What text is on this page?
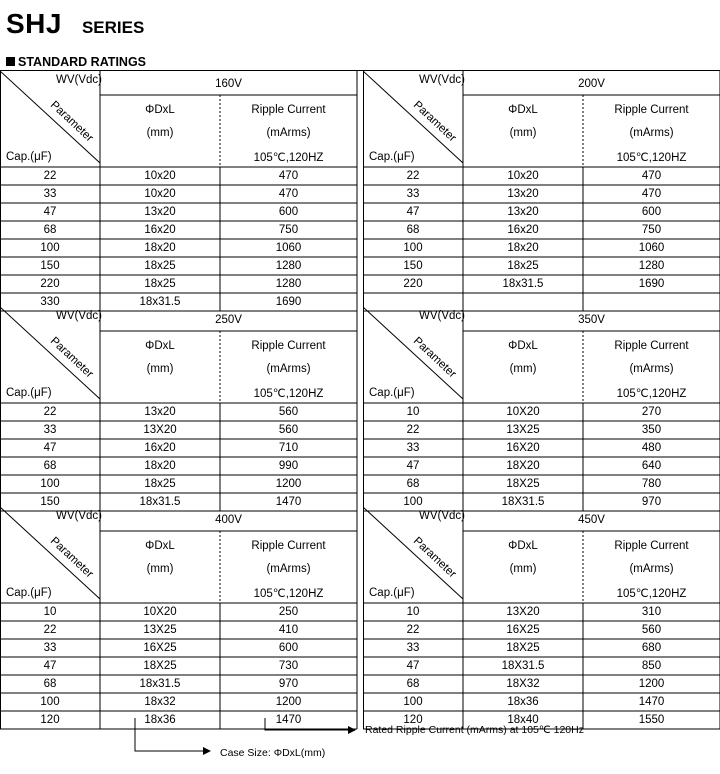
SHJ SERIES
STANDARD RATINGS
WV(Vdc)
Parameter
Cap.(μF)
160V
ΦDxL
(mm)
Ripple Current
(mArms)
105℃,120HZ
22	10x20	470
33	10x20	470
47	13x20	600
68	16x20	750
100	18x20	1060
150	18x25	1280
220	18x25	1280
330	18x31.5	1690
WV(Vdc)
Parameter
Cap.(μF)
200V
ΦDxL
(mm)
Ripple Current
(mArms)
105℃,120HZ
22	10x20	470
33	13x20	470
47	13x20	600
68	16x20	750
100	18x20	1060
150	18x25	1280
220	18x31.5	1690
WV(Vdc)
Parameter
Cap.(μF)
250V
ΦDxL
(mm)
Ripple Current
(mArms)
105℃,120HZ
22	13x20	560
33	13X20	560
47	16x20	710
68	18x20	990
100	18x25	1200
150	18x31.5	1470
WV(Vdc)
Parameter
Cap.(μF)
350V
ΦDxL
(mm)
Ripple Current
(mArms)
105℃,120HZ
10	10X20	270
22	13X25	350
33	16X20	480
47	18X20	640
68	18X25	780
100	18X31.5	970
WV(Vdc)
Parameter
Cap.(μF)
400V
ΦDxL
(mm)
Ripple Current
(mArms)
105℃,120HZ
10	10X20	250
22	13X25	410
33	16X25	600
47	18X25	730
68	18x31.5	970
100	18x32	1200
120	18x36	1470
WV(Vdc)
Parameter
Cap.(μF)
450V
ΦDxL
(mm)
Ripple Current
(mArms)
105℃,120HZ
10	13X20	310
22	16X25	560
33	18X25	680
47	18X31.5	850
68	18X32	1200
100	18x36	1470
120	18x40	1550
Rated Ripple Current (mArms) at 105℃ 120Hz
Case Size: ΦDxL(mm)
